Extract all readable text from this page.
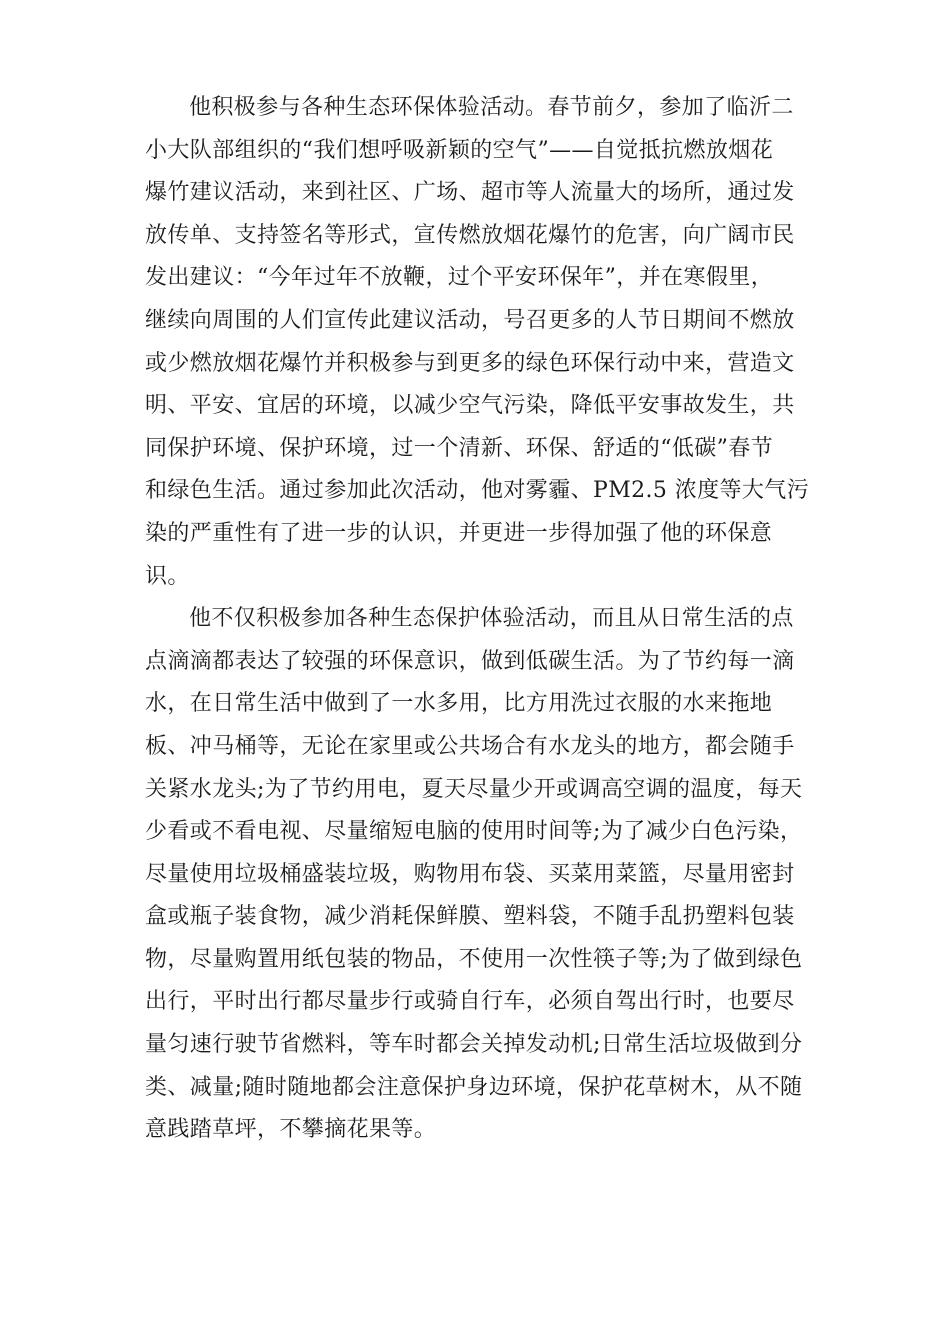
他积极参与各种生态环保体验活动。春节前夕，参加了临沂二
小大队部组织的“我们想呼吸新颖的空气”——自觉抵抗燃放烟花
爆竹建议活动，来到社区、广场、超市等人流量大的场所，通过发
放传单、支持签名等形式，宣传燃放烟花爆竹的危害，向广阔市民
发出建议：“今年过年不放鞭，过个平安环保年”，并在寒假里，
继续向周围的人们宣传此建议活动，号召更多的人节日期间不燃放
或少燃放烟花爆竹并积极参与到更多的绿色环保行动中来，营造文
明、平安、宜居的环境，以减少空气污染，降低平安事故发生，共
同保护环境、保护环境，过一个清新、环保、舒适的“低碳”春节
和绿色生活。通过参加此次活动，他对雾霾、PM2.5 浓度等大气污
染的严重性有了进一步的认识，并更进一步得加强了他的环保意
识。
他不仅积极参加各种生态保护体验活动，而且从日常生活的点
点滴滴都表达了较强的环保意识，做到低碳生活。为了节约每一滴
水，在日常生活中做到了一水多用，比方用洗过衣服的水来拖地
板、冲马桶等，无论在家里或公共场合有水龙头的地方，都会随手
关紧水龙头;为了节约用电，夏天尽量少开或调高空调的温度，每天
少看或不看电视、尽量缩短电脑的使用时间等;为了减少白色污染，
尽量使用垃圾桶盛装垃圾，购物用布袋、买菜用菜篮，尽量用密封
盒或瓶子装食物，减少消耗保鲜膜、塑料袋，不随手乱扔塑料包装
物，尽量购置用纸包装的物品，不使用一次性筷子等;为了做到绿色
出行，平时出行都尽量步行或骑自行车，必须自驾出行时，也要尽
量匀速行驶节省燃料，等车时都会关掉发动机;日常生活垃圾做到分
类、减量;随时随地都会注意保护身边环境，保护花草树木，从不随
意践踏草坪，不攀摘花果等。
